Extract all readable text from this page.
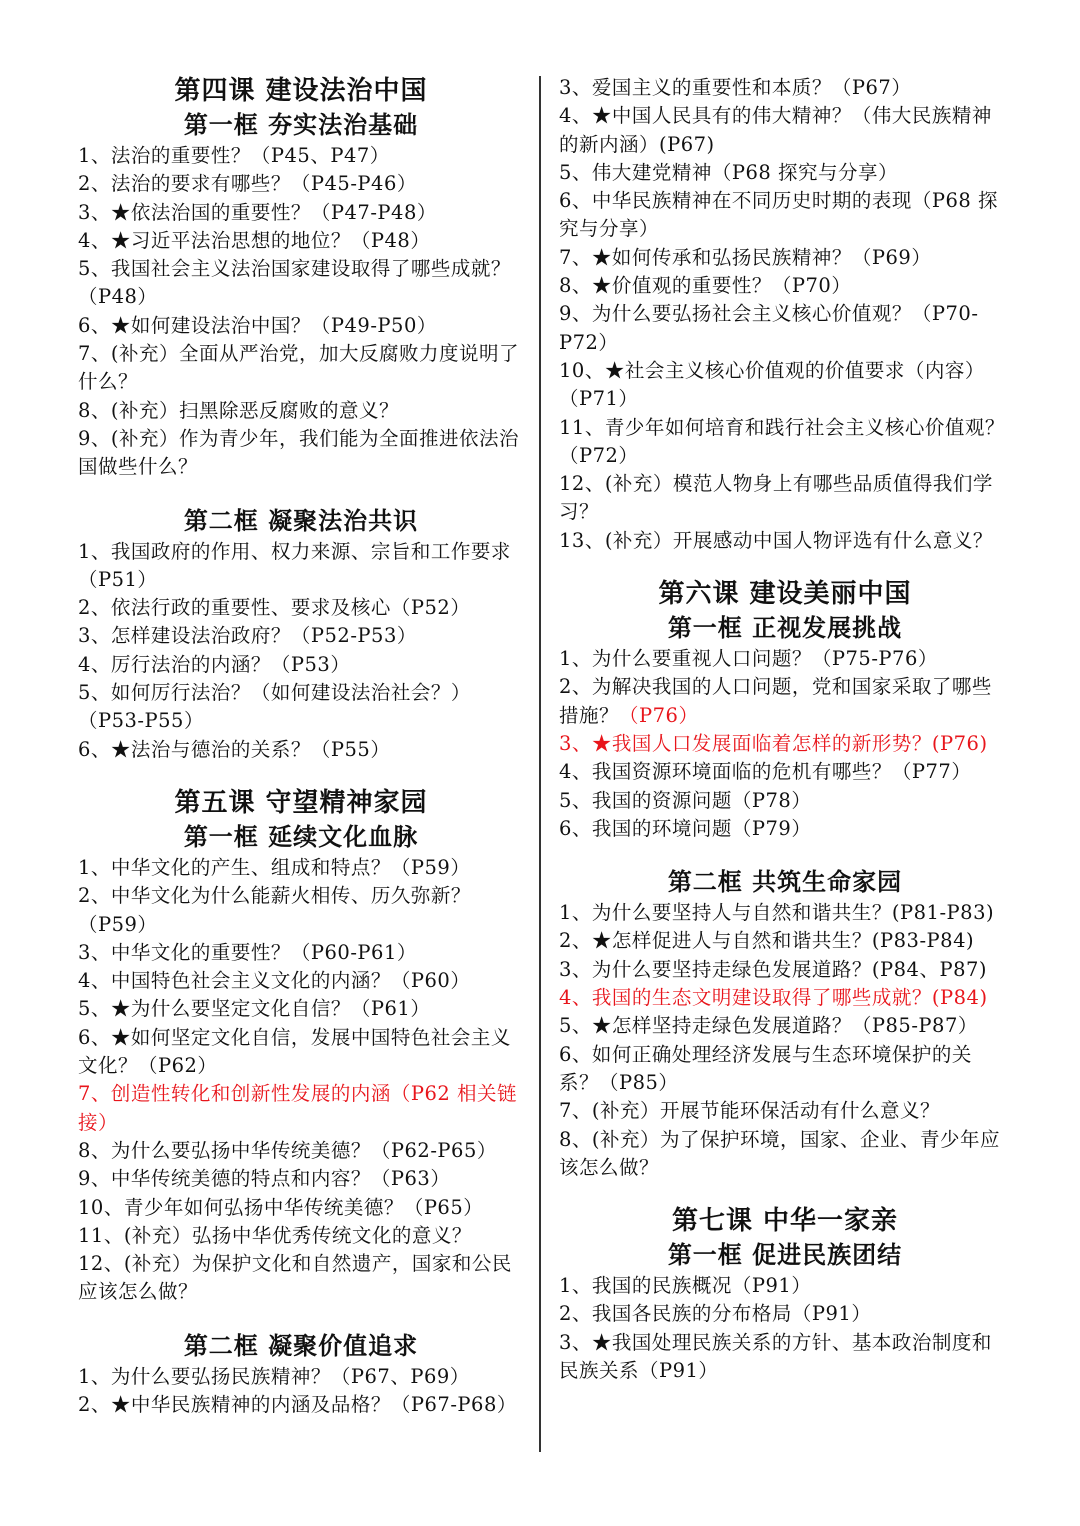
第四课 建设法治中国

第一框 夯实法治基础

1、法治的重要性？（P45、P47）

2、法治的要求有哪些？（P45-P46）

3、★依法治国的重要性？（P47-P48）

4、★习近平法治思想的地位？（P48）

5、我国社会主义法治国家建设取得了哪些成就？（P48）

6、★如何建设法治中国？（P49-P50）

7、(补充）全面从严治党，加大反腐败力度说明了什么？

8、(补充）扫黑除恶反腐败的意义？

9、(补充）作为青少年，我们能为全面推进依法治国做些什么？

第二框 凝聚法治共识

1、我国政府的作用、权力来源、宗旨和工作要求（P51）

2、依法行政的重要性、要求及核心（P52）

3、怎样建设法治政府？（P52-P53）

4、厉行法治的内涵？（P53）

5、如何厉行法治？（如何建设法治社会？）（P53-P55）

6、★法治与德治的关系？（P55）

第五课 守望精神家园

第一框 延续文化血脉

1、中华文化的产生、组成和特点？（P59）

2、中华文化为什么能薪火相传、历久弥新？（P59）

3、中华文化的重要性？（P60-P61）

4、中国特色社会主义文化的内涵？（P60）

5、★为什么要坚定文化自信？（P61）

6、★如何坚定文化自信，发展中国特色社会主义文化？（P62）

7、创造性转化和创新性发展的内涵（P62 相关链接）

8、为什么要弘扬中华传统美德？（P62-P65）

9、中华传统美德的特点和内容？（P63）

10、青少年如何弘扬中华传统美德？（P65）

11、(补充）弘扬中华优秀传统文化的意义？

12、(补充）为保护文化和自然遗产，国家和公民应该怎么做？

第二框 凝聚价值追求

1、为什么要弘扬民族精神？（P67、P69）

2、★中华民族精神的内涵及品格？（P67-P68）

3、爱国主义的重要性和本质？（P67）

4、★中国人民具有的伟大精神？（伟大民族精神的新内涵）(P67)

5、伟大建党精神（P68 探究与分享）

6、中华民族精神在不同历史时期的表现（P68 探究与分享）

7、★如何传承和弘扬民族精神？（P69）

8、★价值观的重要性？（P70）

9、为什么要弘扬社会主义核心价值观？（P70-P72）

10、★社会主义核心价值观的价值要求（内容）（P71）

11、青少年如何培育和践行社会主义核心价值观？（P72）

12、(补充）模范人物身上有哪些品质值得我们学习？

13、(补充）开展感动中国人物评选有什么意义？

第六课 建设美丽中国

第一框 正视发展挑战

1、为什么要重视人口问题？（P75-P76）

2、为解决我国的人口问题，党和国家采取了哪些措施？（P76）

3、★我国人口发展面临着怎样的新形势？(P76)

4、我国资源环境面临的危机有哪些？（P77）

5、我国的资源问题（P78）

6、我国的环境问题（P79）

第二框 共筑生命家园

1、为什么要坚持人与自然和谐共生？(P81-P83)

2、★怎样促进人与自然和谐共生？(P83-P84)

3、为什么要坚持走绿色发展道路？(P84、P87)

4、我国的生态文明建设取得了哪些成就？(P84)

5、★怎样坚持走绿色发展道路？（P85-P87）

6、如何正确处理经济发展与生态环境保护的关系？（P85）

7、(补充）开展节能环保活动有什么意义？

8、(补充）为了保护环境，国家、企业、青少年应该怎么做？

第七课 中华一家亲

第一框 促进民族团结

1、我国的民族概况（P91）

2、我国各民族的分布格局（P91）

3、★我国处理民族关系的方针、基本政治制度和民族关系（P91）
